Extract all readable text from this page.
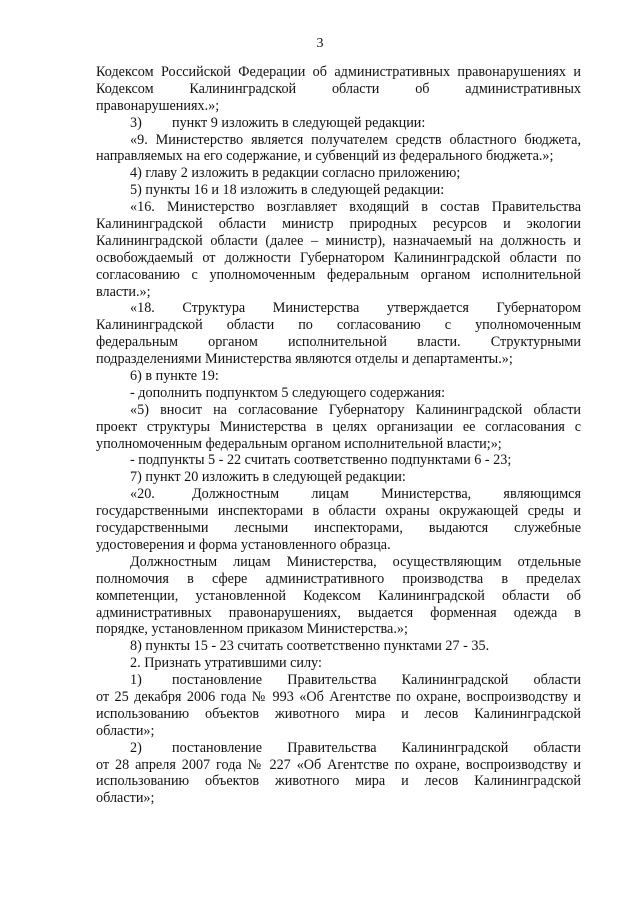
3
Кодексом Российской Федерации об административных правонарушениях и
Кодексом Калининградской области об административных
правонарушениях.»;
3) пункт 9 изложить в следующей редакции:
«9. Министерство является получателем средств областного бюджета,
направляемых на его содержание, и субвенций из федерального бюджета.»;
4) главу 2 изложить в редакции согласно приложению;
5) пункты 16 и 18 изложить в следующей редакции:
«16. Министерство возглавляет входящий в состав Правительства
Калининградской области министр природных ресурсов и экологии
Калининградской области (далее – министр), назначаемый на должность и
освобождаемый от должности Губернатором Калининградской области по
согласованию с уполномоченным федеральным органом исполнительной
власти.»;
«18. Структура Министерства утверждается Губернатором
Калининградской области по согласованию с уполномоченным
федеральным органом исполнительной власти. Структурными
подразделениями Министерства являются отделы и департаменты.»;
6) в пункте 19:
- дополнить подпунктом 5 следующего содержания:
«5) вносит на согласование Губернатору Калининградской области
проект структуры Министерства в целях организации ее согласования с
уполномоченным федеральным органом исполнительной власти;»;
- подпункты 5 - 22 считать соответственно подпунктами 6 - 23;
7) пункт 20 изложить в следующей редакции:
«20.	Должностным лицам Министерства, являющимся
государственными инспекторами в области охраны окружающей среды и
государственными лесными инспекторами, выдаются служебные
удостоверения и форма установленного образца.
Должностным лицам Министерства, осуществляющим отдельные
полномочия в сфере административного производства в пределах
компетенции, установленной Кодексом Калининградской области об
административных правонарушениях, выдается форменная одежда в
порядке, установленном приказом Министерства.»;
8) пункты 15 - 23 считать соответственно пунктами 27 - 35.
2. Признать утратившими силу:
1) постановление Правительства Калининградской области
от 25 декабря 2006 года № 993 «Об Агентстве по охране, воспроизводству и
использованию объектов животного мира и лесов Калининградской
области»;
2) постановление Правительства Калининградской области
от 28 апреля 2007 года № 227 «Об Агентстве по охране, воспроизводству и
использованию объектов животного мира и лесов Калининградской
области»;
